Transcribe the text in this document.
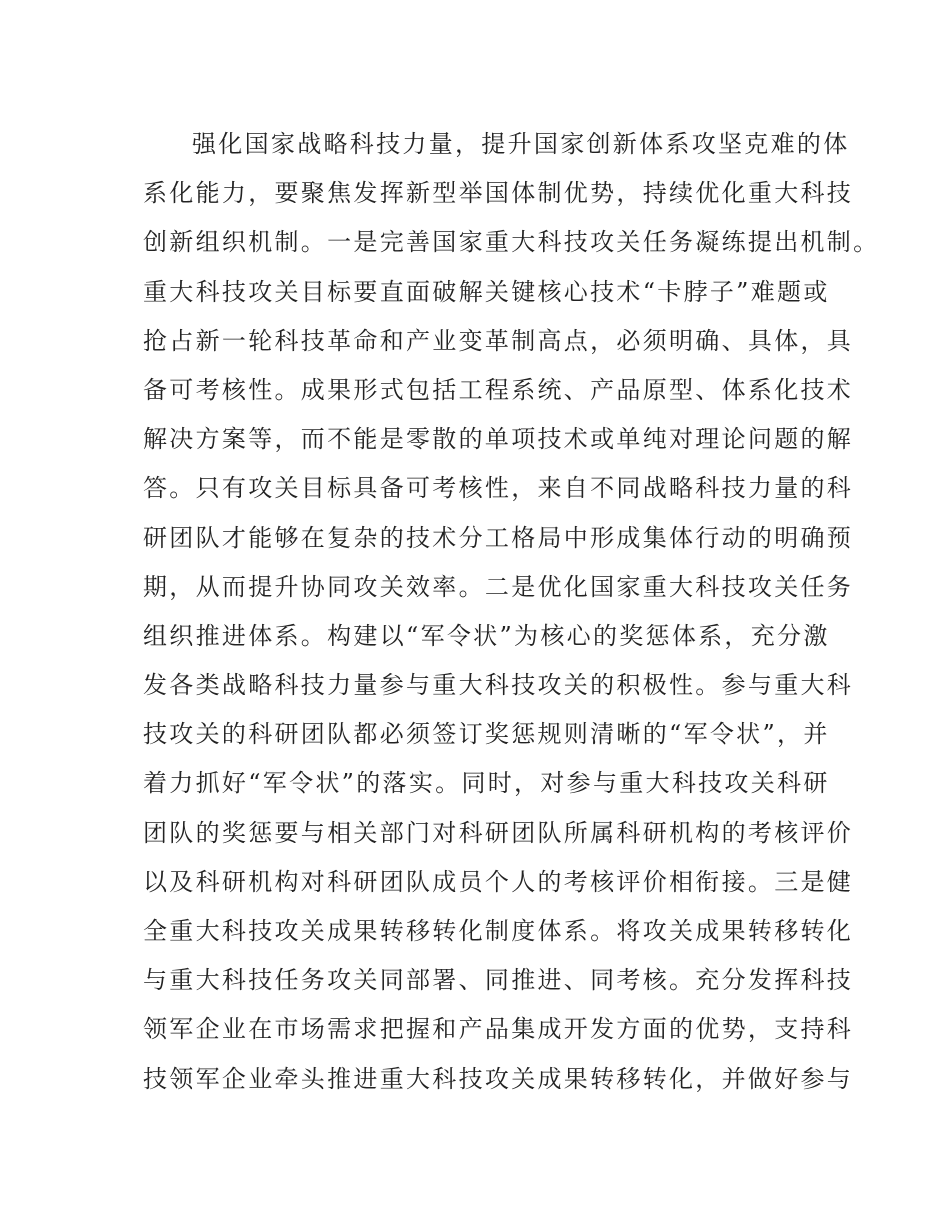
强化国家战略科技力量，提升国家创新体系攻坚克难的体
系化能力，要聚焦发挥新型举国体制优势，持续优化重大科技
创新组织机制。一是完善国家重大科技攻关任务凝练提出机制。
重大科技攻关目标要直面破解关键核心技术“卡脖子”难题或
抢占新一轮科技革命和产业变革制高点，必须明确、具体，具
备可考核性。成果形式包括工程系统、产品原型、体系化技术
解决方案等，而不能是零散的单项技术或单纯对理论问题的解
答。只有攻关目标具备可考核性，来自不同战略科技力量的科
研团队才能够在复杂的技术分工格局中形成集体行动的明确预
期，从而提升协同攻关效率。二是优化国家重大科技攻关任务
组织推进体系。构建以“军令状”为核心的奖惩体系，充分激
发各类战略科技力量参与重大科技攻关的积极性。参与重大科
技攻关的科研团队都必须签订奖惩规则清晰的“军令状”，并
着力抓好“军令状”的落实。同时，对参与重大科技攻关科研
团队的奖惩要与相关部门对科研团队所属科研机构的考核评价
以及科研机构对科研团队成员个人的考核评价相衔接。三是健
全重大科技攻关成果转移转化制度体系。将攻关成果转移转化
与重大科技任务攻关同部署、同推进、同考核。充分发挥科技
领军企业在市场需求把握和产品集成开发方面的优势，支持科
技领军企业牵头推进重大科技攻关成果转移转化，并做好参与
